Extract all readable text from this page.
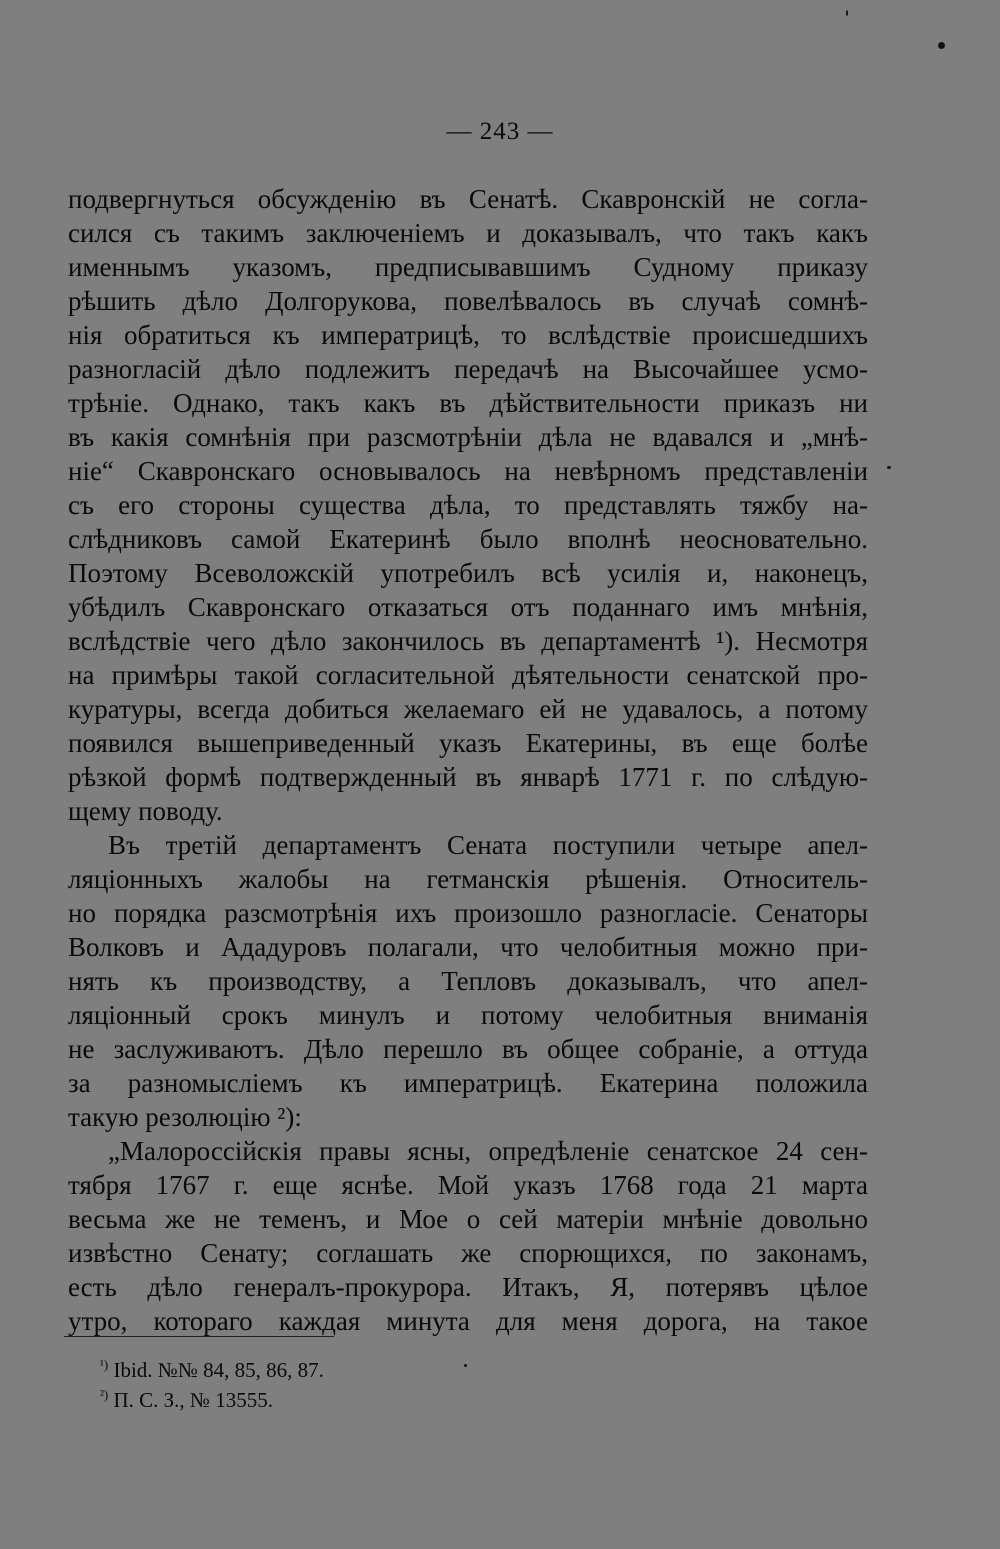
— 243 —
подвергнуться обсужденію въ Сенатѣ. Скавронскій не согла-
сился съ такимъ заключеніемъ и доказывалъ, что такъ какъ
именнымъ указомъ, предписывавшимъ Судному приказу
рѣшить дѣло Долгорукова, повелѣвалось въ случаѣ сомнѣ-
нія обратиться къ императрицѣ, то вслѣдствіе происшедшихъ
разногласій дѣло подлежитъ передачѣ на Высочайшее усмо-
трѣніе. Однако, такъ какъ въ дѣйствительности приказъ ни
въ какія сомнѣнія при разсмотрѣніи дѣла не вдавался и „мнѣ-
ніе“ Скавронскаго основывалось на невѣрномъ представленіи
съ его стороны существа дѣла, то представлять тяжбу на-
слѣдниковъ самой Екатеринѣ было вполнѣ неосновательно.
Поэтому Всеволожскій употребилъ всѣ усилія и, наконецъ,
убѣдилъ Скавронскаго отказаться отъ поданнаго имъ мнѣнія,
вслѣдствіе чего дѣло закончилось въ департаментѣ ¹). Несмотря
на примѣры такой согласительной дѣятельности сенатской про-
куратуры, всегда добиться желаемаго ей не удавалось, а потому
появился вышеприведенный указъ Екатерины, въ еще болѣе
рѣзкой формѣ подтвержденный въ январѣ 1771 г. по слѣдую-
щему поводу.
Въ третій департаментъ Сената поступили четыре апел-
ляціонныхъ жалобы на гетманскія рѣшенія. Относитель-
но порядка разсмотрѣнія ихъ произошло разногласіе. Сенаторы
Волковъ и Ададуровъ полагали, что челобитныя можно при-
нять къ производству, а Тепловъ доказывалъ, что апел-
ляціонный срокъ минулъ и потому челобитныя вниманія
не заслуживаютъ. Дѣло перешло въ общее собраніе, а оттуда
за разномысліемъ къ императрицѣ. Екатерина положила
такую резолюцію ²):
„Малороссійскія правы ясны, опредѣленіе сенатское 24 сен-
тября 1767 г. еще яснѣе. Мой указъ 1768 года 21 марта
весьма же не теменъ, и Мое о сей матеріи мнѣніе довольно
извѣстно Сенату; соглашать же спорющихся, по законамъ,
есть дѣло генералъ-прокурора. Итакъ, Я, потерявъ цѣлое
утро, котораго каждая минута для меня дорога, на такое
$^{^1)}$ Ibid. №№ 84, 85, 86, 87.
$^{^2)}$ П. С. З., № 13555.
